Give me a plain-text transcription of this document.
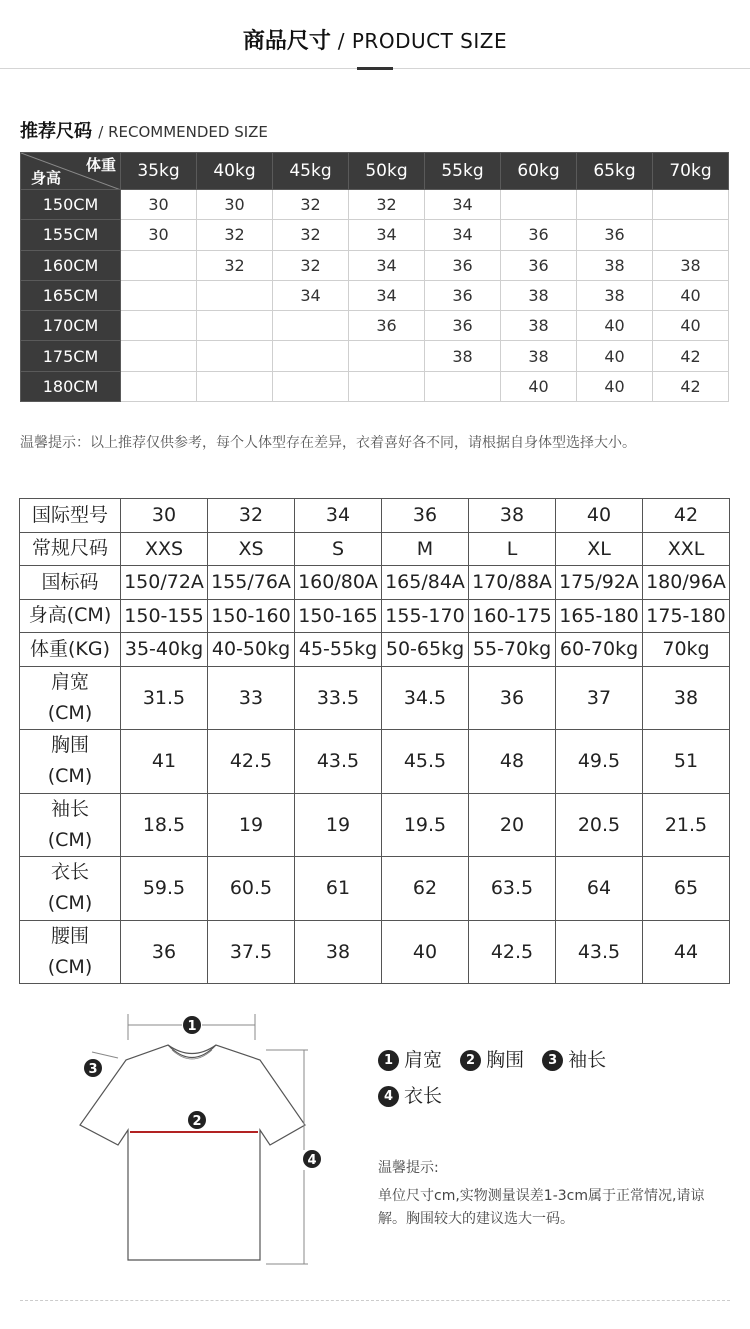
商品尺寸 / PRODUCT SIZE
推荐尺码 / RECOMMENDED SIZE
体重
身高	35kg	40kg	45kg	50kg	55kg	60kg	65kg	70kg
150CM	30	30	32	32	34			
155CM	30	32	32	34	34	36	36	
160CM		32	32	34	36	36	38	38
165CM			34	34	36	38	38	40
170CM				36	36	38	40	40
175CM					38	38	40	42
180CM						40	40	42
温馨提示：以上推荐仅供参考，每个人体型存在差异，衣着喜好各不同，请根据自身体型选择大小。
国际型号	30	32	34	36	38	40	42

常规尺码	XXS	XS	S	M	L	XL	XXL

国标码	150/72A	155/76A	160/80A	165/84A	170/88A	175/92A	180/96A

身高(CM)	150-155	150-160	150-165	155-170	160-175	165-180	175-180

体重(KG)	35-40kg	40-50kg	45-55kg	50-65kg	55-70kg	60-70kg	70kg

肩宽
(CM)	31.5	33	33.5	34.5	36	37	38

胸围
(CM)	41	42.5	43.5	45.5	48	49.5	51

袖长
(CM)	18.5	19	19	19.5	20	20.5	21.5

衣长
(CM)	59.5	60.5	61	62	63.5	64	65

腰围
(CM)	36	37.5	38	40	42.5	43.5	44
1
2
3
4
1 肩宽 2 胸围 3 袖长
4 衣长
温馨提示:
单位尺寸cm,实物测量误差1-3cm属于正常情况,请谅解。胸围较大的建议选大一码。
